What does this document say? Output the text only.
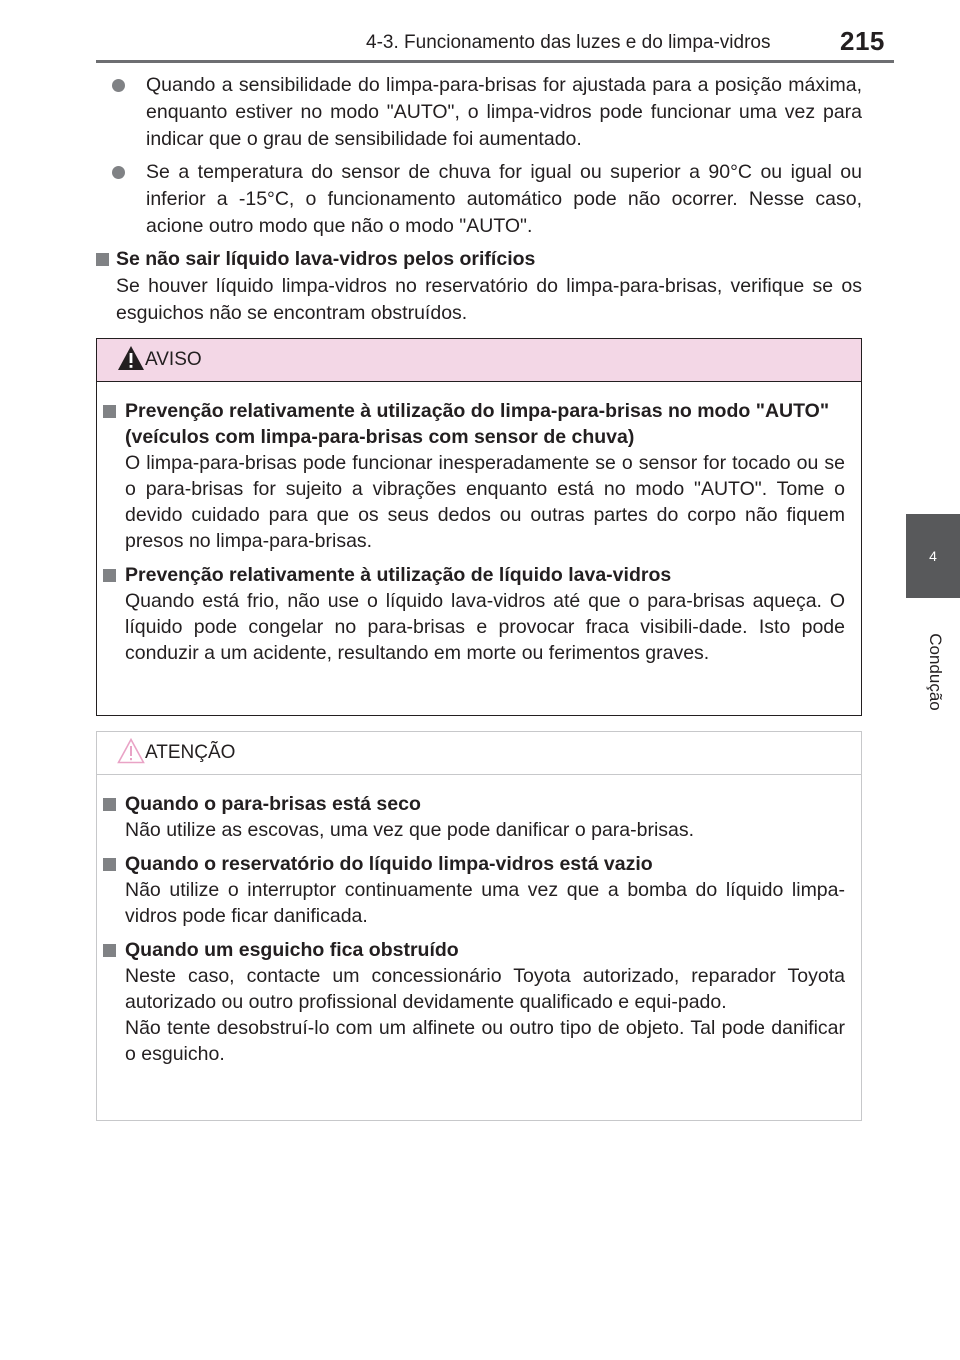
4-3. Funcionamento das luzes e do limpa-vidros	215
4
Condução
Quando a sensibilidade do limpa-para-brisas for ajustada para a posição máxima, enquanto estiver no modo "AUTO", o limpa-vidros pode funcionar uma vez para indicar que o grau de sensibilidade foi aumentado.
Se a temperatura do sensor de chuva for igual ou superior a 90°C ou igual ou inferior a -15°C, o funcionamento automático pode não ocorrer. Nesse caso, acione outro modo que não o modo "AUTO".
Se não sair líquido lava-vidros pelos orifícios
Se houver líquido limpa-vidros no reservatório do limpa-para-brisas, verifique se os esguichos não se encontram obstruídos.
AVISO
Prevenção relativamente à utilização do limpa-para-brisas no modo "AUTO" (veículos com limpa-para-brisas com sensor de chuva)
O limpa-para-brisas pode funcionar inesperadamente se o sensor for tocado ou se o para-brisas for sujeito a vibrações enquanto está no modo "AUTO". Tome o devido cuidado para que os seus dedos ou outras partes do corpo não fiquem presos no limpa-para-brisas.
Prevenção relativamente à utilização de líquido lava-vidros
Quando está frio, não use o líquido lava-vidros até que o para-brisas aqueça. O líquido pode congelar no para-brisas e provocar fraca visibili-dade. Isto pode conduzir a um acidente, resultando em morte ou ferimentos graves.
ATENÇÃO
Quando o para-brisas está seco
Não utilize as escovas, uma vez que pode danificar o para-brisas.
Quando o reservatório do líquido limpa-vidros está vazio
Não utilize o interruptor continuamente uma vez que a bomba do líquido limpa-vidros pode ficar danificada.
Quando um esguicho fica obstruído
Neste caso, contacte um concessionário Toyota autorizado, reparador Toyota autorizado ou outro profissional devidamente qualificado e equi-pado.
Não tente desobstruí-lo com um alfinete ou outro tipo de objeto. Tal pode danificar o esguicho.
